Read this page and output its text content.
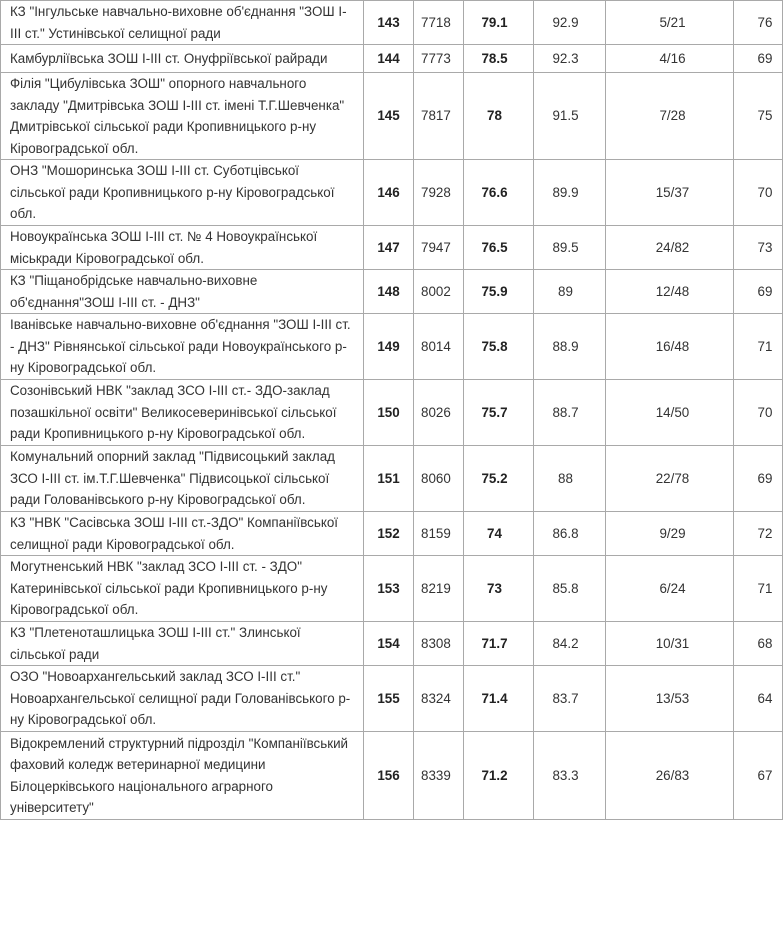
КЗ "Інгульське навчально-виховне об'єднання "ЗОШ І-ІІІ ст." Устинівської селищної ради	143	7718	79.1	92.9	5/21	76
Камбурліївська ЗОШ І-ІІІ ст. Онуфріївської райради	144	7773	78.5	92.3	4/16	69
Філія "Цибулівська ЗОШ" опорного навчального закладу "Дмитрівська ЗОШ І-ІІІ ст. імені Т.Г.Шевченка" Дмитрівської сільської ради Кропивницького р-ну Кіровоградської обл.	145	7817	78	91.5	7/28	75
ОНЗ "Мошоринська ЗОШ І-ІІІ ст. Суботцівської сільської ради Кропивницького р-ну Кіровоградської обл.	146	7928	76.6	89.9	15/37	70
Новоукраїнська ЗОШ І-ІІІ ст. № 4 Новоукраїнської міськради Кіровоградської обл.	147	7947	76.5	89.5	24/82	73
КЗ "Піщанобрідське навчально-виховне об'єднання"ЗОШ І-ІІІ ст. - ДНЗ"	148	8002	75.9	89	12/48	69
Іванівське навчально-виховне об'єднання "ЗОШ І-ІІІ ст. - ДНЗ" Рівнянської сільської ради Новоукраїнського р-ну Кіровоградської обл.	149	8014	75.8	88.9	16/48	71
Созонівський НВК "заклад ЗСО І-ІІІ ст.- ЗДО-заклад позашкільної освіти" Великосеверинівської сільської ради Кропивницького р-ну Кіровоградської обл.	150	8026	75.7	88.7	14/50	70
Комунальний опорний заклад "Підвисоцький заклад ЗСО І-ІІІ ст. ім.Т.Г.Шевченка" Підвисоцької сільської ради Голованівського р-ну Кіровоградської обл.	151	8060	75.2	88	22/78	69
КЗ "НВК "Сасівська ЗОШ І-ІІІ ст.-ЗДО" Компаніївської селищної ради Кіровоградської обл.	152	8159	74	86.8	9/29	72
Могутненський НВК "заклад ЗСО І-ІІІ ст. - ЗДО" Катеринівської сільської ради Кропивницького р-ну Кіровоградської обл.	153	8219	73	85.8	6/24	71
КЗ "Плетеноташлицька ЗОШ І-ІІІ ст." Злинської сільської ради	154	8308	71.7	84.2	10/31	68
ОЗО "Новоархангельський заклад ЗСО І-ІІІ ст." Новоархангельської селищної ради Голованівського р-ну Кіровоградської обл.	155	8324	71.4	83.7	13/53	64
Відокремлений структурний підрозділ "Компаніївський фаховий коледж ветеринарної медицини Білоцерківського національного аграрного університету"	156	8339	71.2	83.3	26/83	67
